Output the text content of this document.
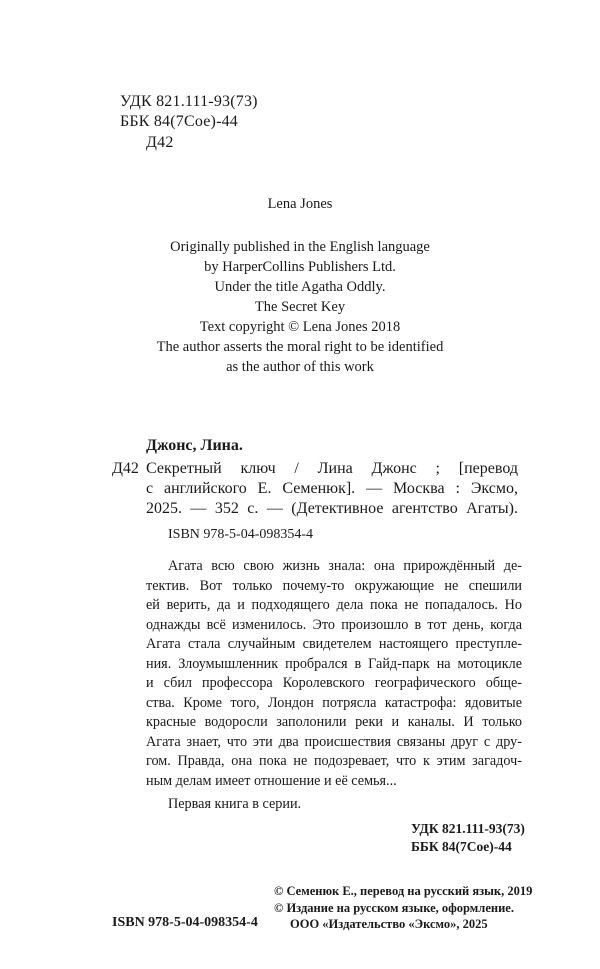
УДК 821.111-93(73)
ББК 84(7Сое)-44
Д42
Lena Jones
Originally published in the English language
by HarperCollins Publishers Ltd.
Under the title Agatha Oddly.
The Secret Key
Text copyright © Lena Jones 2018
The author asserts the moral right to be identified
as the author of this work
Джонс, Лина.
Д42 Секретный ключ / Лина Джонс ; [перевод
с английского Е. Семенюк]. — Москва : Эксмо,
2025. — 352 с. — (Детективное агентство Агаты).
ISBN 978-5-04-098354-4
Агата всю свою жизнь знала: она прирождённый де-
тектив. Вот только почему-то окружающие не спешили
ей верить, да и подходящего дела пока не попадалось. Но
однажды всё изменилось. Это произошло в тот день, когда
Агата стала случайным свидетелем настоящего преступле-
ния. Злоумышленник пробрался в Гайд-парк на мотоцикле
и сбил профессора Королевского географического обще-
ства. Кроме того, Лондон потрясла катастрофа: ядовитые
красные водоросли заполонили реки и каналы. И только
Агата знает, что эти два происшествия связаны друг с дру-
гом. Правда, она пока не подозревает, что к этим загадоч-
ным делам имеет отношение и её семья...
Первая книга в серии.
УДК 821.111-93(73)
ББК 84(7Сое)-44
© Семенюк Е., перевод на русский язык, 2019
© Издание на русском языке, оформление.
ООО «Издательство «Эксмо», 2025
ISBN 978-5-04-098354-4
